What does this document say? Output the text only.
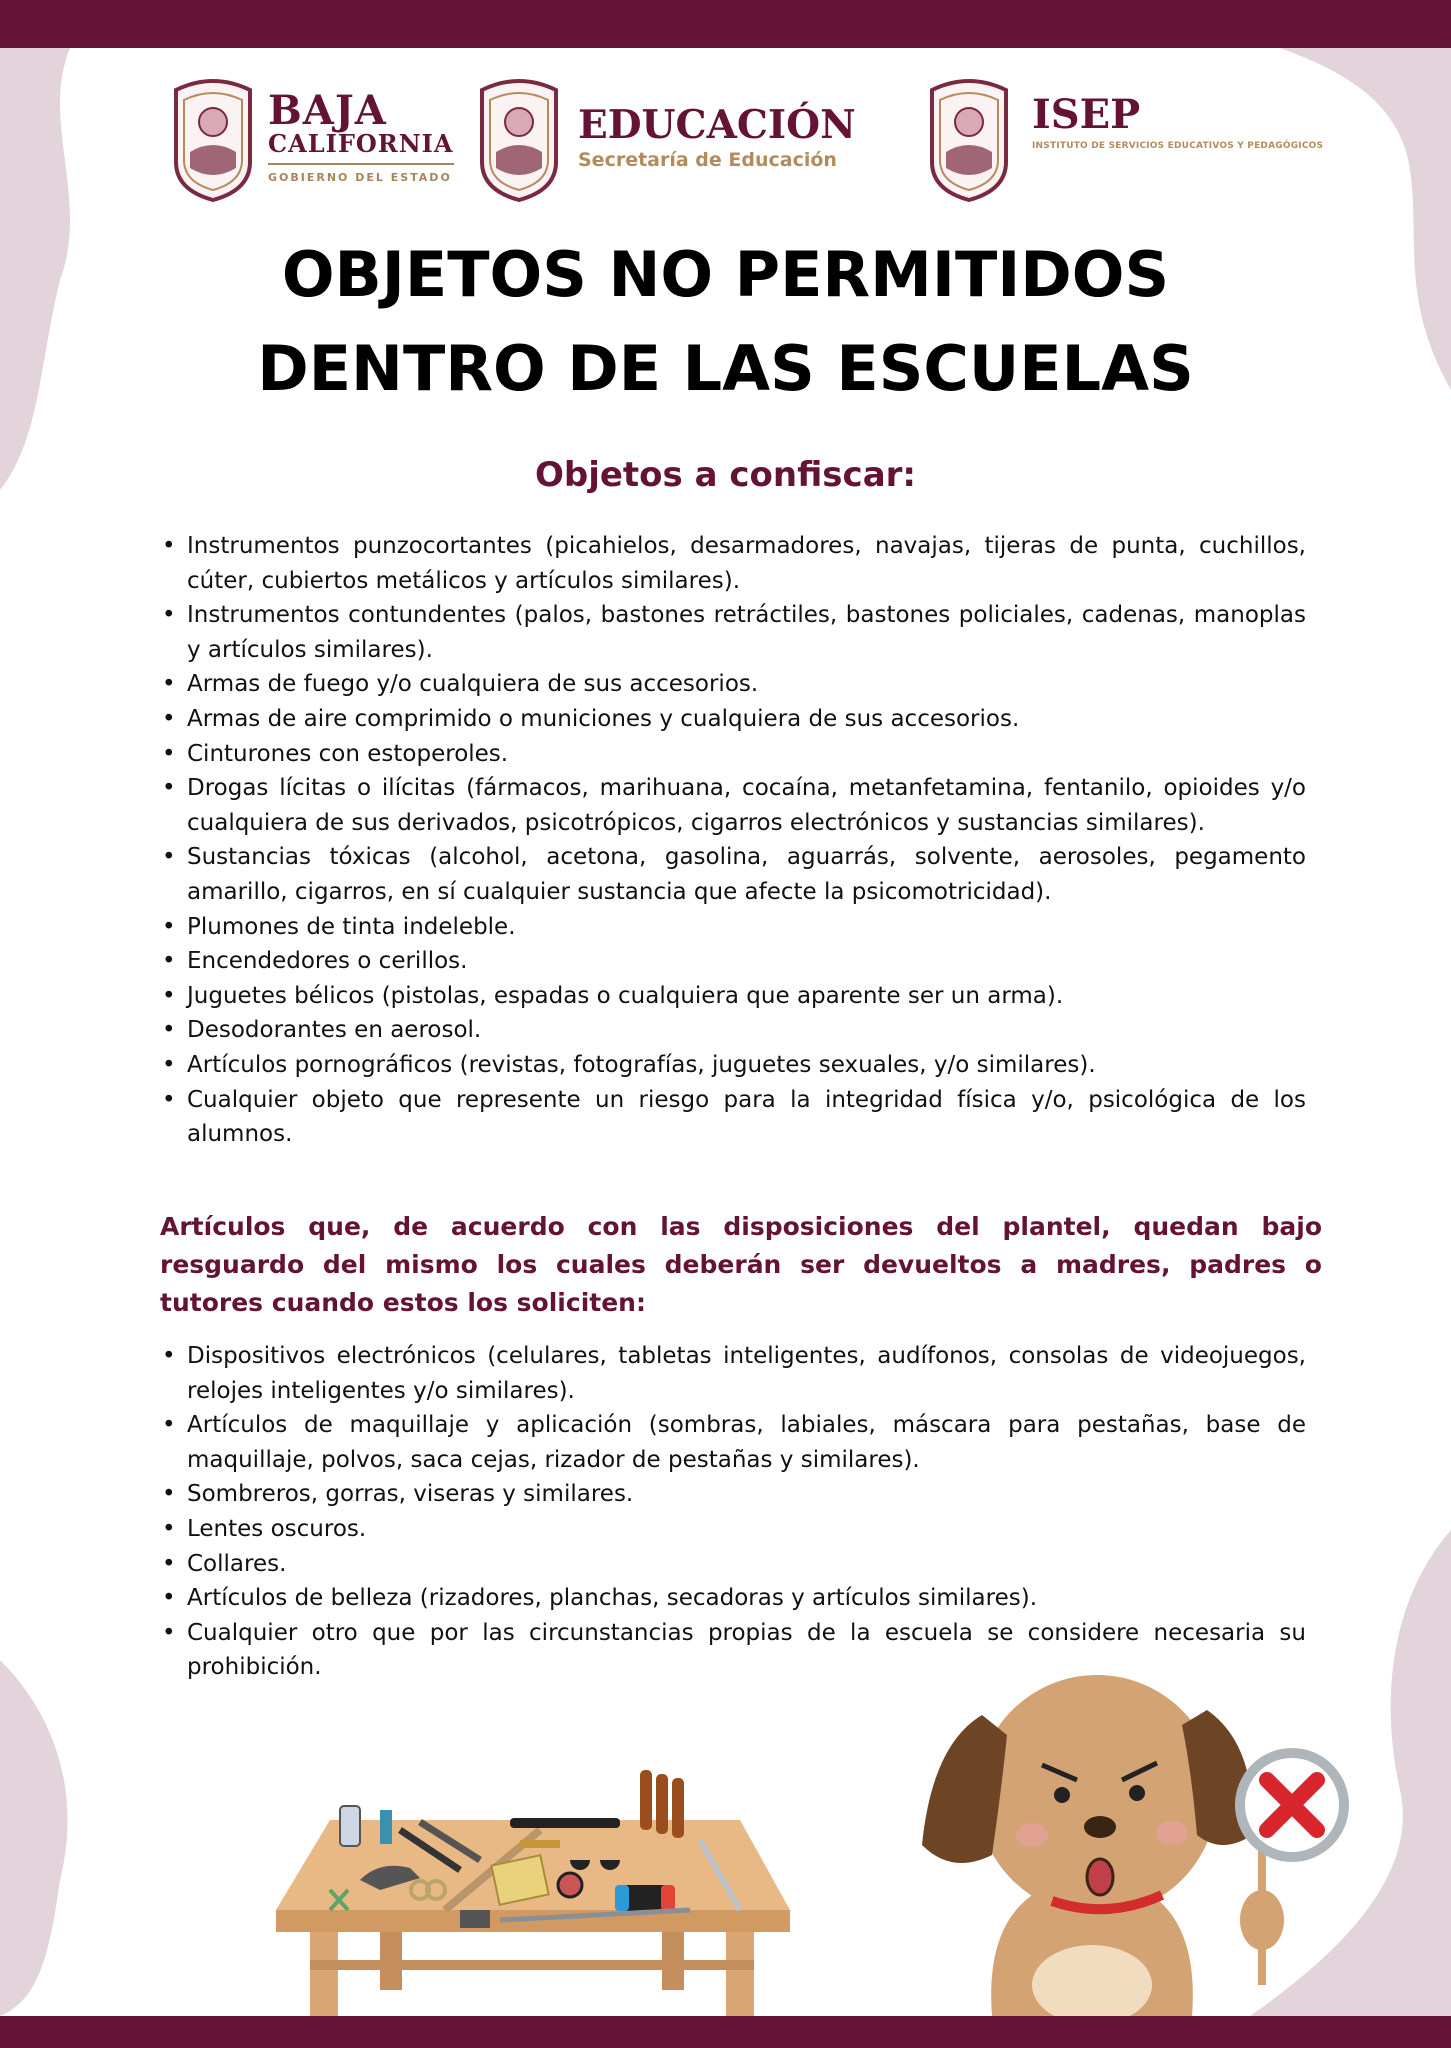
BAJA
CALIFORNIA
GOBIERNO DEL ESTADO
EDUCACIÓN
Secretaría de Educación
ISEP
INSTITUTO DE SERVICIOS EDUCATIVOS Y PEDAGÓGICOS
OBJETOS NO PERMITIDOS
DENTRO DE LAS ESCUELAS
Objetos a confiscar:
• Instrumentos punzocortantes (picahielos, desarmadores, navajas, tijeras de punta, cuchillos, cúter, cubiertos metálicos y artículos similares).
• Instrumentos contundentes (palos, bastones retráctiles, bastones policiales, cadenas, manoplas y artículos similares).
• Armas de fuego y/o cualquiera de sus accesorios.
• Armas de aire comprimido o municiones y cualquiera de sus accesorios.
• Cinturones con estoperoles.
• Drogas lícitas o ilícitas (fármacos, marihuana, cocaína, metanfetamina, fentanilo, opioides y/o cualquiera de sus derivados, psicotrópicos, cigarros electrónicos y sustancias similares).
• Sustancias tóxicas (alcohol, acetona, gasolina, aguarrás, solvente, aerosoles, pegamento amarillo, cigarros, en sí cualquier sustancia que afecte la psicomotricidad).
• Plumones de tinta indeleble.
• Encendedores o cerillos.
• Juguetes bélicos (pistolas, espadas o cualquiera que aparente ser un arma).
• Desodorantes en aerosol.
• Artículos pornográficos (revistas, fotografías, juguetes sexuales, y/o similares).
• Cualquier objeto que represente un riesgo para la integridad física y/o, psicológica de los alumnos.
Artículos que, de acuerdo con las disposiciones del plantel, quedan bajo resguardo del mismo los cuales deberán ser devueltos a madres, padres o tutores cuando estos los soliciten:
• Dispositivos electrónicos (celulares, tabletas inteligentes, audífonos, consolas de videojuegos, relojes inteligentes y/o similares).
• Artículos de maquillaje y aplicación (sombras, labiales, máscara para pestañas, base de maquillaje, polvos, saca cejas, rizador de pestañas y similares).
• Sombreros, gorras, viseras y similares.
• Lentes oscuros.
• Collares.
• Artículos de belleza (rizadores, planchas, secadoras y artículos similares).
• Cualquier otro que por las circunstancias propias de la escuela se considere necesaria su prohibición.
